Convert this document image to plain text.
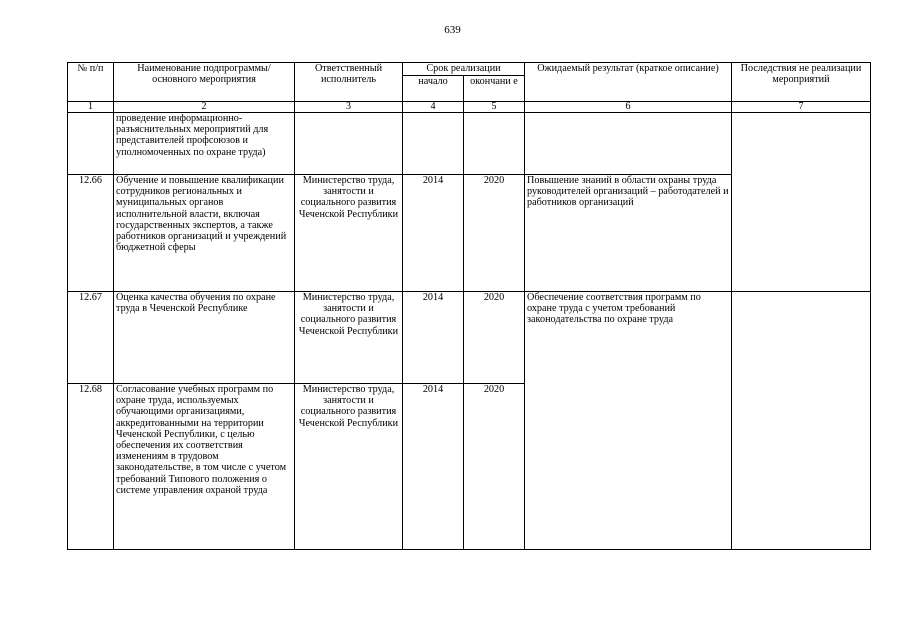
639
№ п/п	Наименование подпрограммы/ основного мероприятия	Ответственный исполнитель	Срок реализации		Ожидаемый результат (краткое описание)	Последствия не реализации мероприятий
			начало	окончани е		
1	2	3	4	5	6	7
	проведение информационно-разъяснительных мероприятий для представителей профсоюзов и уполномоченных по охране труда)					
12.66	Обучение и повышение квалификации сотрудников региональных и муниципальных органов исполнительной власти, включая государственных экспертов, а также работников организаций и учреждений бюджетной сферы	Министерство труда, занятости и социального развития Чеченской Республики	2014	2020	Повышение знаний в области охраны труда руководителей организаций – работодателей и работников организаций	
12.67	Оценка качества обучения по охране труда в Чеченской Республике	Министерство труда, занятости и социального развития Чеченской Республики	2014	2020	Обеспечение соответствия программ по охране труда с учетом требований законодательства по охране труда	
12.68	Согласование учебных программ по охране труда, используемых обучающими организациями, аккредитованными на территории Чеченской Республики, с целью обеспечения их соответствия изменениям в трудовом законодательстве, в том числе с учетом требований Типового положения о системе управления охраной труда	Министерство труда, занятости и социального развития Чеченской Республики	2014	2020		
